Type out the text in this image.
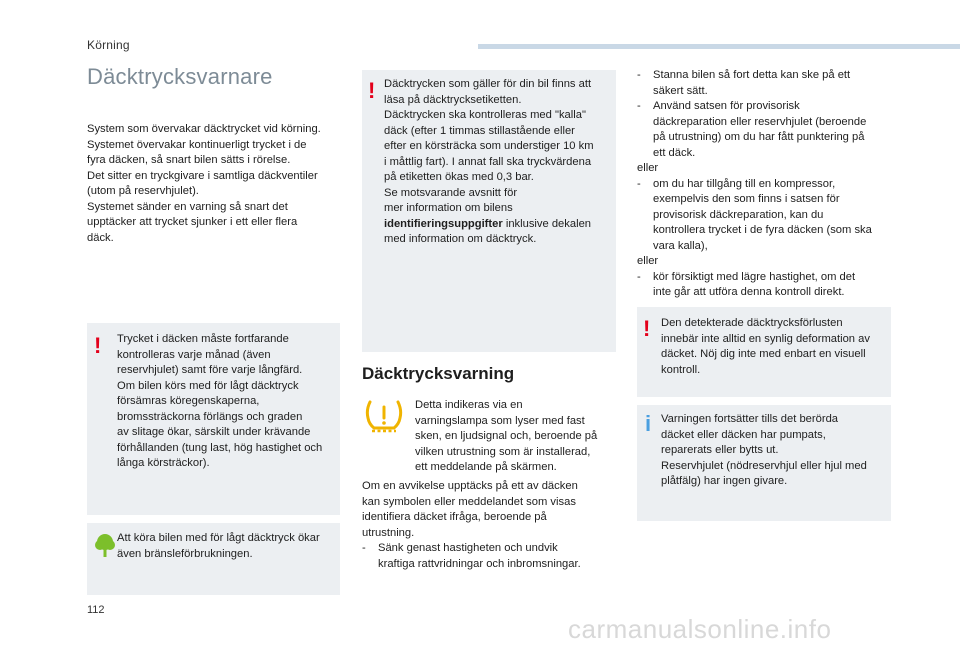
Körning
Däcktrycksvarnare
System som övervakar däcktrycket vid körning.
Systemet övervakar kontinuerligt trycket i de
fyra däcken, så snart bilen sätts i rörelse.
Det sitter en tryckgivare i samtliga däckventiler
(utom på reservhjulet).
Systemet sänder en varning så snart det
upptäcker att trycket sjunker i ett eller flera
däck.
! Trycket i däcken måste fortfarande
kontrolleras varje månad (även
reservhjulet) samt före varje långfärd.
Om bilen körs med för lågt däcktryck
försämras köregenskaperna,
bromssträckorna förlängs och graden
av slitage ökar, särskilt under krävande
förhållanden (tung last, hög hastighet och
långa körsträckor).
Att köra bilen med för lågt däcktryck ökar
även bränsleförbrukningen.
! Däcktrycken som gäller för din bil finns att
läsa på däcktrycksetiketten.
Däcktrycken ska kontrolleras med "kalla"
däck (efter 1 timmas stillastående eller
efter en körsträcka som understiger 10 km
i måttlig fart). I annat fall ska tryckvärdena
på etiketten ökas med 0,3 bar.
Se motsvarande avsnitt för
mer information om bilens
identifieringsuppgifter inklusive dekalen
med information om däcktryck.
Däcktrycksvarning
Detta indikeras via en
varningslampa som lyser med fast
sken, en ljudsignal och, beroende på
vilken utrustning som är installerad,
ett meddelande på skärmen.
Om en avvikelse upptäcks på ett av däcken
kan symbolen eller meddelandet som visas
identifiera däcket ifråga, beroende på
utrustning.
- Sänk genast hastigheten och undvik
kraftiga rattvridningar och inbromsningar.
- Stanna bilen så fort detta kan ske på ett
säkert sätt.
- Använd satsen för provisorisk
däckreparation eller reservhjulet (beroende
på utrustning) om du har fått punktering på
ett däck.
eller
- om du har tillgång till en kompressor,
exempelvis den som finns i satsen för
provisorisk däckreparation, kan du
kontrollera trycket i de fyra däcken (som ska
vara kalla),
eller
- kör försiktigt med lägre hastighet, om det
inte går att utföra denna kontroll direkt.
! Den detekterade däcktrycksförlusten
innebär inte alltid en synlig deformation av
däcket. Nöj dig inte med enbart en visuell
kontroll.
i Varningen fortsätter tills det berörda
däcket eller däcken har pumpats,
reparerats eller bytts ut.
Reservhjulet (nödreservhjul eller hjul med
plåtfälg) har ingen givare.
112
carmanualsonline.info
